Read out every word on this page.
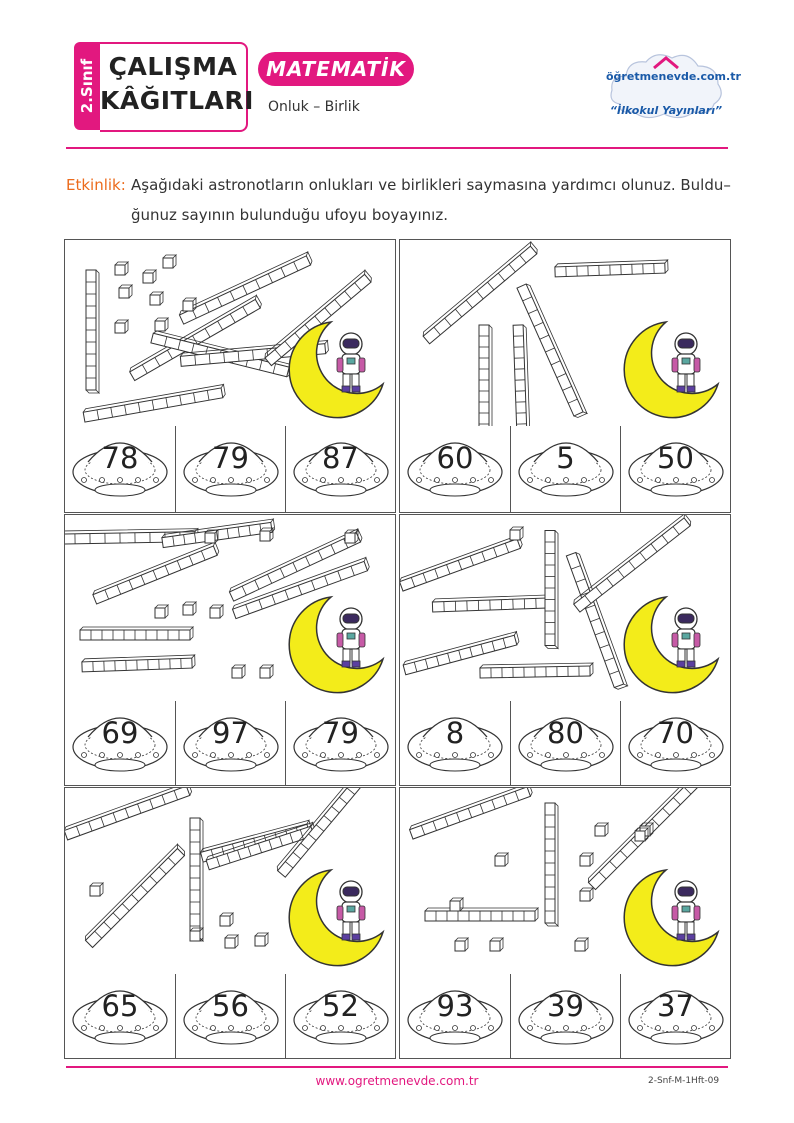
2.Sınıf ÇALIŞMA
KÂĞITLARI
MATEMATİK
Onluk – Birlik
öğretmenevde.com.tr
“İlkokul Yayınları”
Etkinlik: Aşağıdaki astronotların onlukları ve birlikleri saymasına yardımcı olunuz. Buldu–
ğunuz sayının bulunduğu ufoyu boyayınız.
78	79	87	60	5	50
69	97	79	8	80	70
65	56	52	93	39	37
www.ogretmenevde.com.tr	2-Snf-M-1Hft-09
